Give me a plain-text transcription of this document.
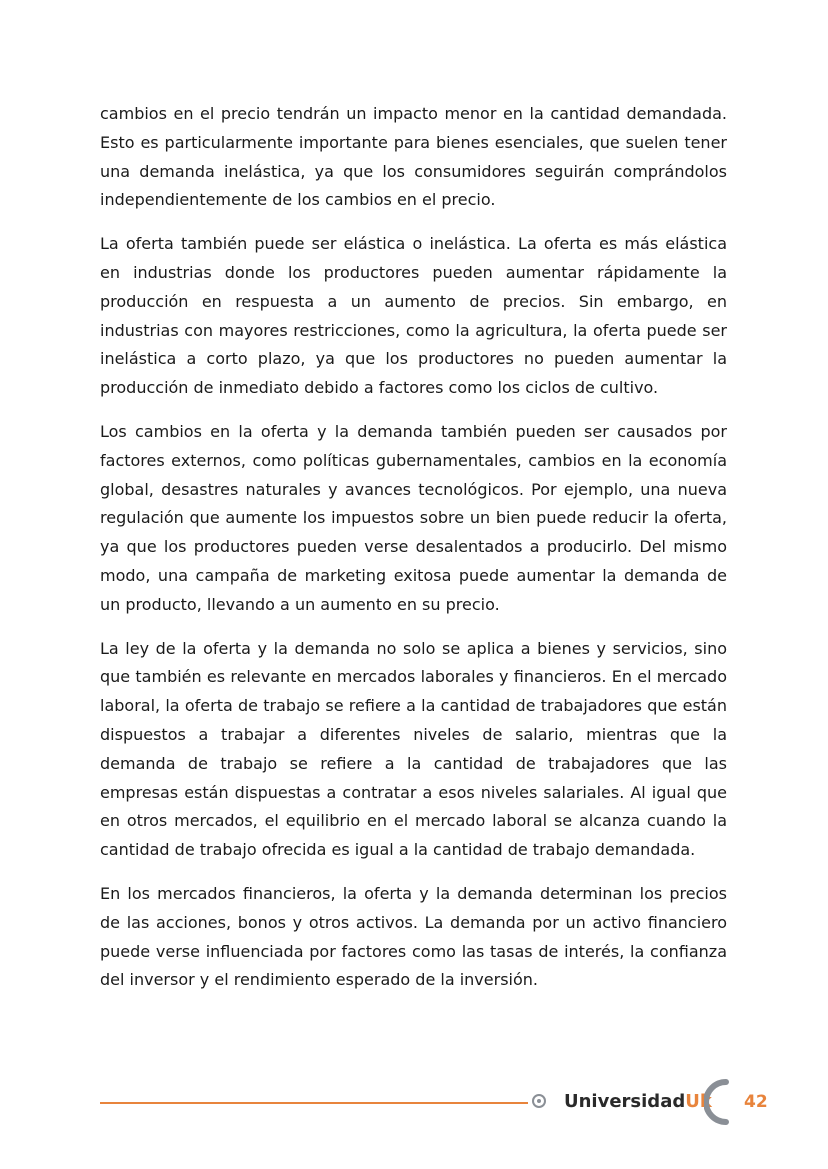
cambios en el precio tendrán un impacto menor en la cantidad demandada. Esto es particularmente importante para bienes esenciales, que suelen tener una demanda inelástica, ya que los consumidores seguirán comprándolos independientemente de los cambios en el precio.

La oferta también puede ser elástica o inelástica. La oferta es más elástica en industrias donde los productores pueden aumentar rápidamente la producción en respuesta a un aumento de precios. Sin embargo, en industrias con mayores restricciones, como la agricultura, la oferta puede ser inelástica a corto plazo, ya que los productores no pueden aumentar la producción de inmediato debido a factores como los ciclos de cultivo.

Los cambios en la oferta y la demanda también pueden ser causados por factores externos, como políticas gubernamentales, cambios en la economía global, desastres naturales y avances tecnológicos. Por ejemplo, una nueva regulación que aumente los impuestos sobre un bien puede reducir la oferta, ya que los productores pueden verse desalentados a producirlo. Del mismo modo, una campaña de marketing exitosa puede aumentar la demanda de un producto, llevando a un aumento en su precio.

La ley de la oferta y la demanda no solo se aplica a bienes y servicios, sino que también es relevante en mercados laborales y financieros. En el mercado laboral, la oferta de trabajo se refiere a la cantidad de trabajadores que están dispuestos a trabajar a diferentes niveles de salario, mientras que la demanda de trabajo se refiere a la cantidad de trabajadores que las empresas están dispuestas a contratar a esos niveles salariales. Al igual que en otros mercados, el equilibrio en el mercado laboral se alcanza cuando la cantidad de trabajo ofrecida es igual a la cantidad de trabajo demandada.

En los mercados financieros, la oferta y la demanda determinan los precios de las acciones, bonos y otros activos. La demanda por un activo financiero puede verse influenciada por factores como las tasas de interés, la confianza del inversor y el rendimiento esperado de la inversión.

UniversidadUk 42
